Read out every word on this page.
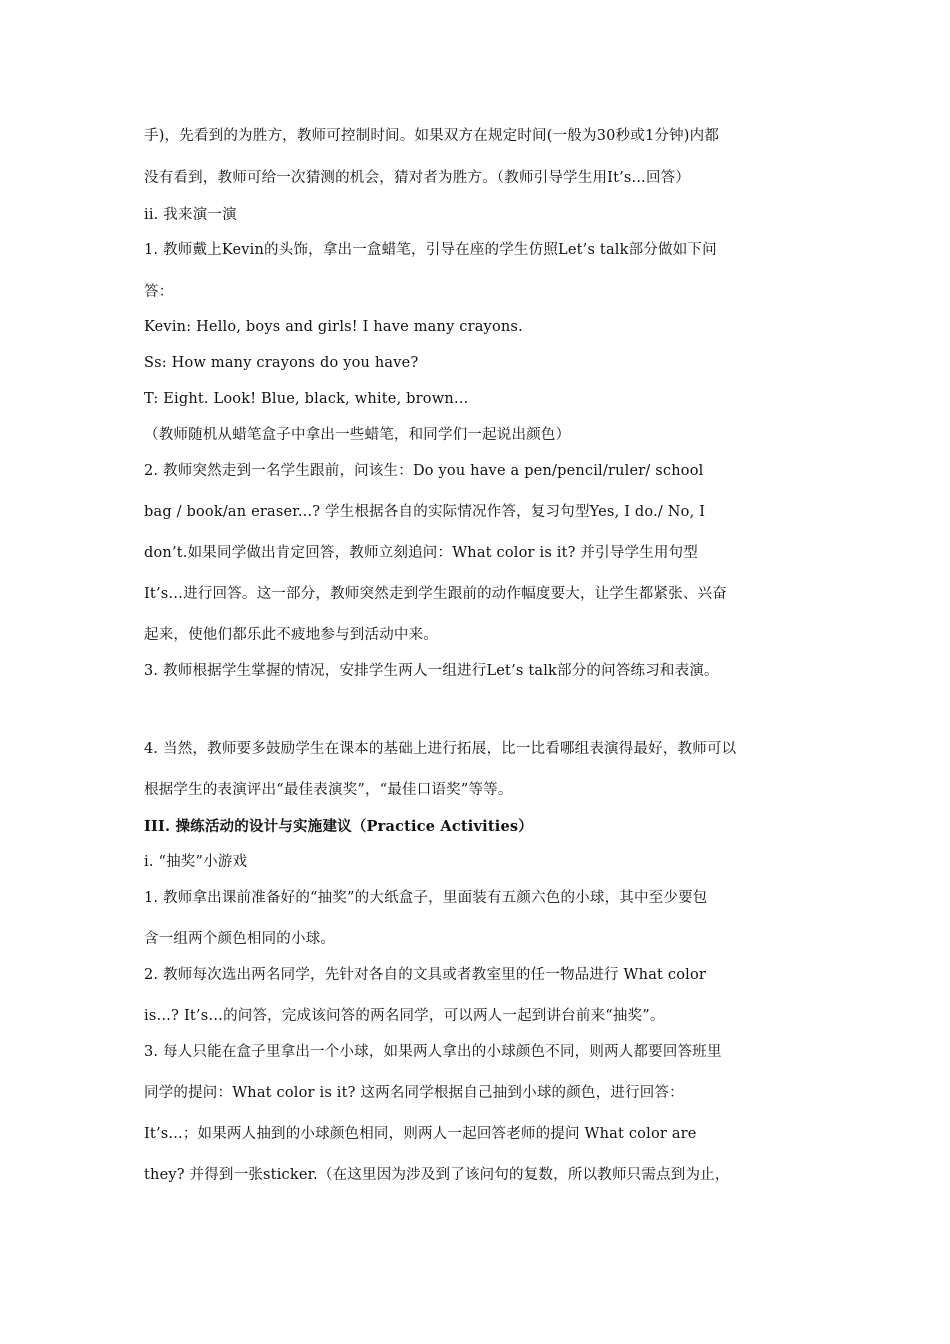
手)，先看到的为胜方，教师可控制时间。如果双方在规定时间(一般为30秒或1分钟)内都
没有看到，教师可给一次猜测的机会，猜对者为胜方。（教师引导学生用It’s...回答）
ii. 我来演一演
1. 教师戴上Kevin的头饰，拿出一盒蜡笔，引导在座的学生仿照Let’s talk部分做如下问
答：
Kevin: Hello, boys and girls! I have many crayons.
Ss: How many crayons do you have?
T: Eight. Look! Blue, black, white, brown…
（教师随机从蜡笔盒子中拿出一些蜡笔，和同学们一起说出颜色）
2. 教师突然走到一名学生跟前，问该生：Do you have a pen/pencil/ruler/ school
bag / book/an eraser...? 学生根据各自的实际情况作答，复习句型Yes, I do./ No, I
don’t.如果同学做出肯定回答，教师立刻追问：What color is it? 并引导学生用句型
It’s…进行回答。这一部分，教师突然走到学生跟前的动作幅度要大，让学生都紧张、兴奋
起来，使他们都乐此不疲地参与到活动中来。
3. 教师根据学生掌握的情况，安排学生两人一组进行Let’s talk部分的问答练习和表演。
4. 当然，教师要多鼓励学生在课本的基础上进行拓展，比一比看哪组表演得最好，教师可以
根据学生的表演评出“最佳表演奖”，“最佳口语奖”等等。
III. 操练活动的设计与实施建议（Practice Activities）
i. “抽奖”小游戏
1. 教师拿出课前准备好的“抽奖”的大纸盒子，里面装有五颜六色的小球，其中至少要包
含一组两个颜色相同的小球。
2. 教师每次选出两名同学，先针对各自的文具或者教室里的任一物品进行 What color
is…? It’s…的问答，完成该问答的两名同学，可以两人一起到讲台前来“抽奖”。
3. 每人只能在盒子里拿出一个小球，如果两人拿出的小球颜色不同，则两人都要回答班里
同学的提问：What color is it? 这两名同学根据自己抽到小球的颜色，进行回答：
It’s...；如果两人抽到的小球颜色相同，则两人一起回答老师的提问 What color are
they? 并得到一张sticker.（在这里因为涉及到了该问句的复数，所以教师只需点到为止，
